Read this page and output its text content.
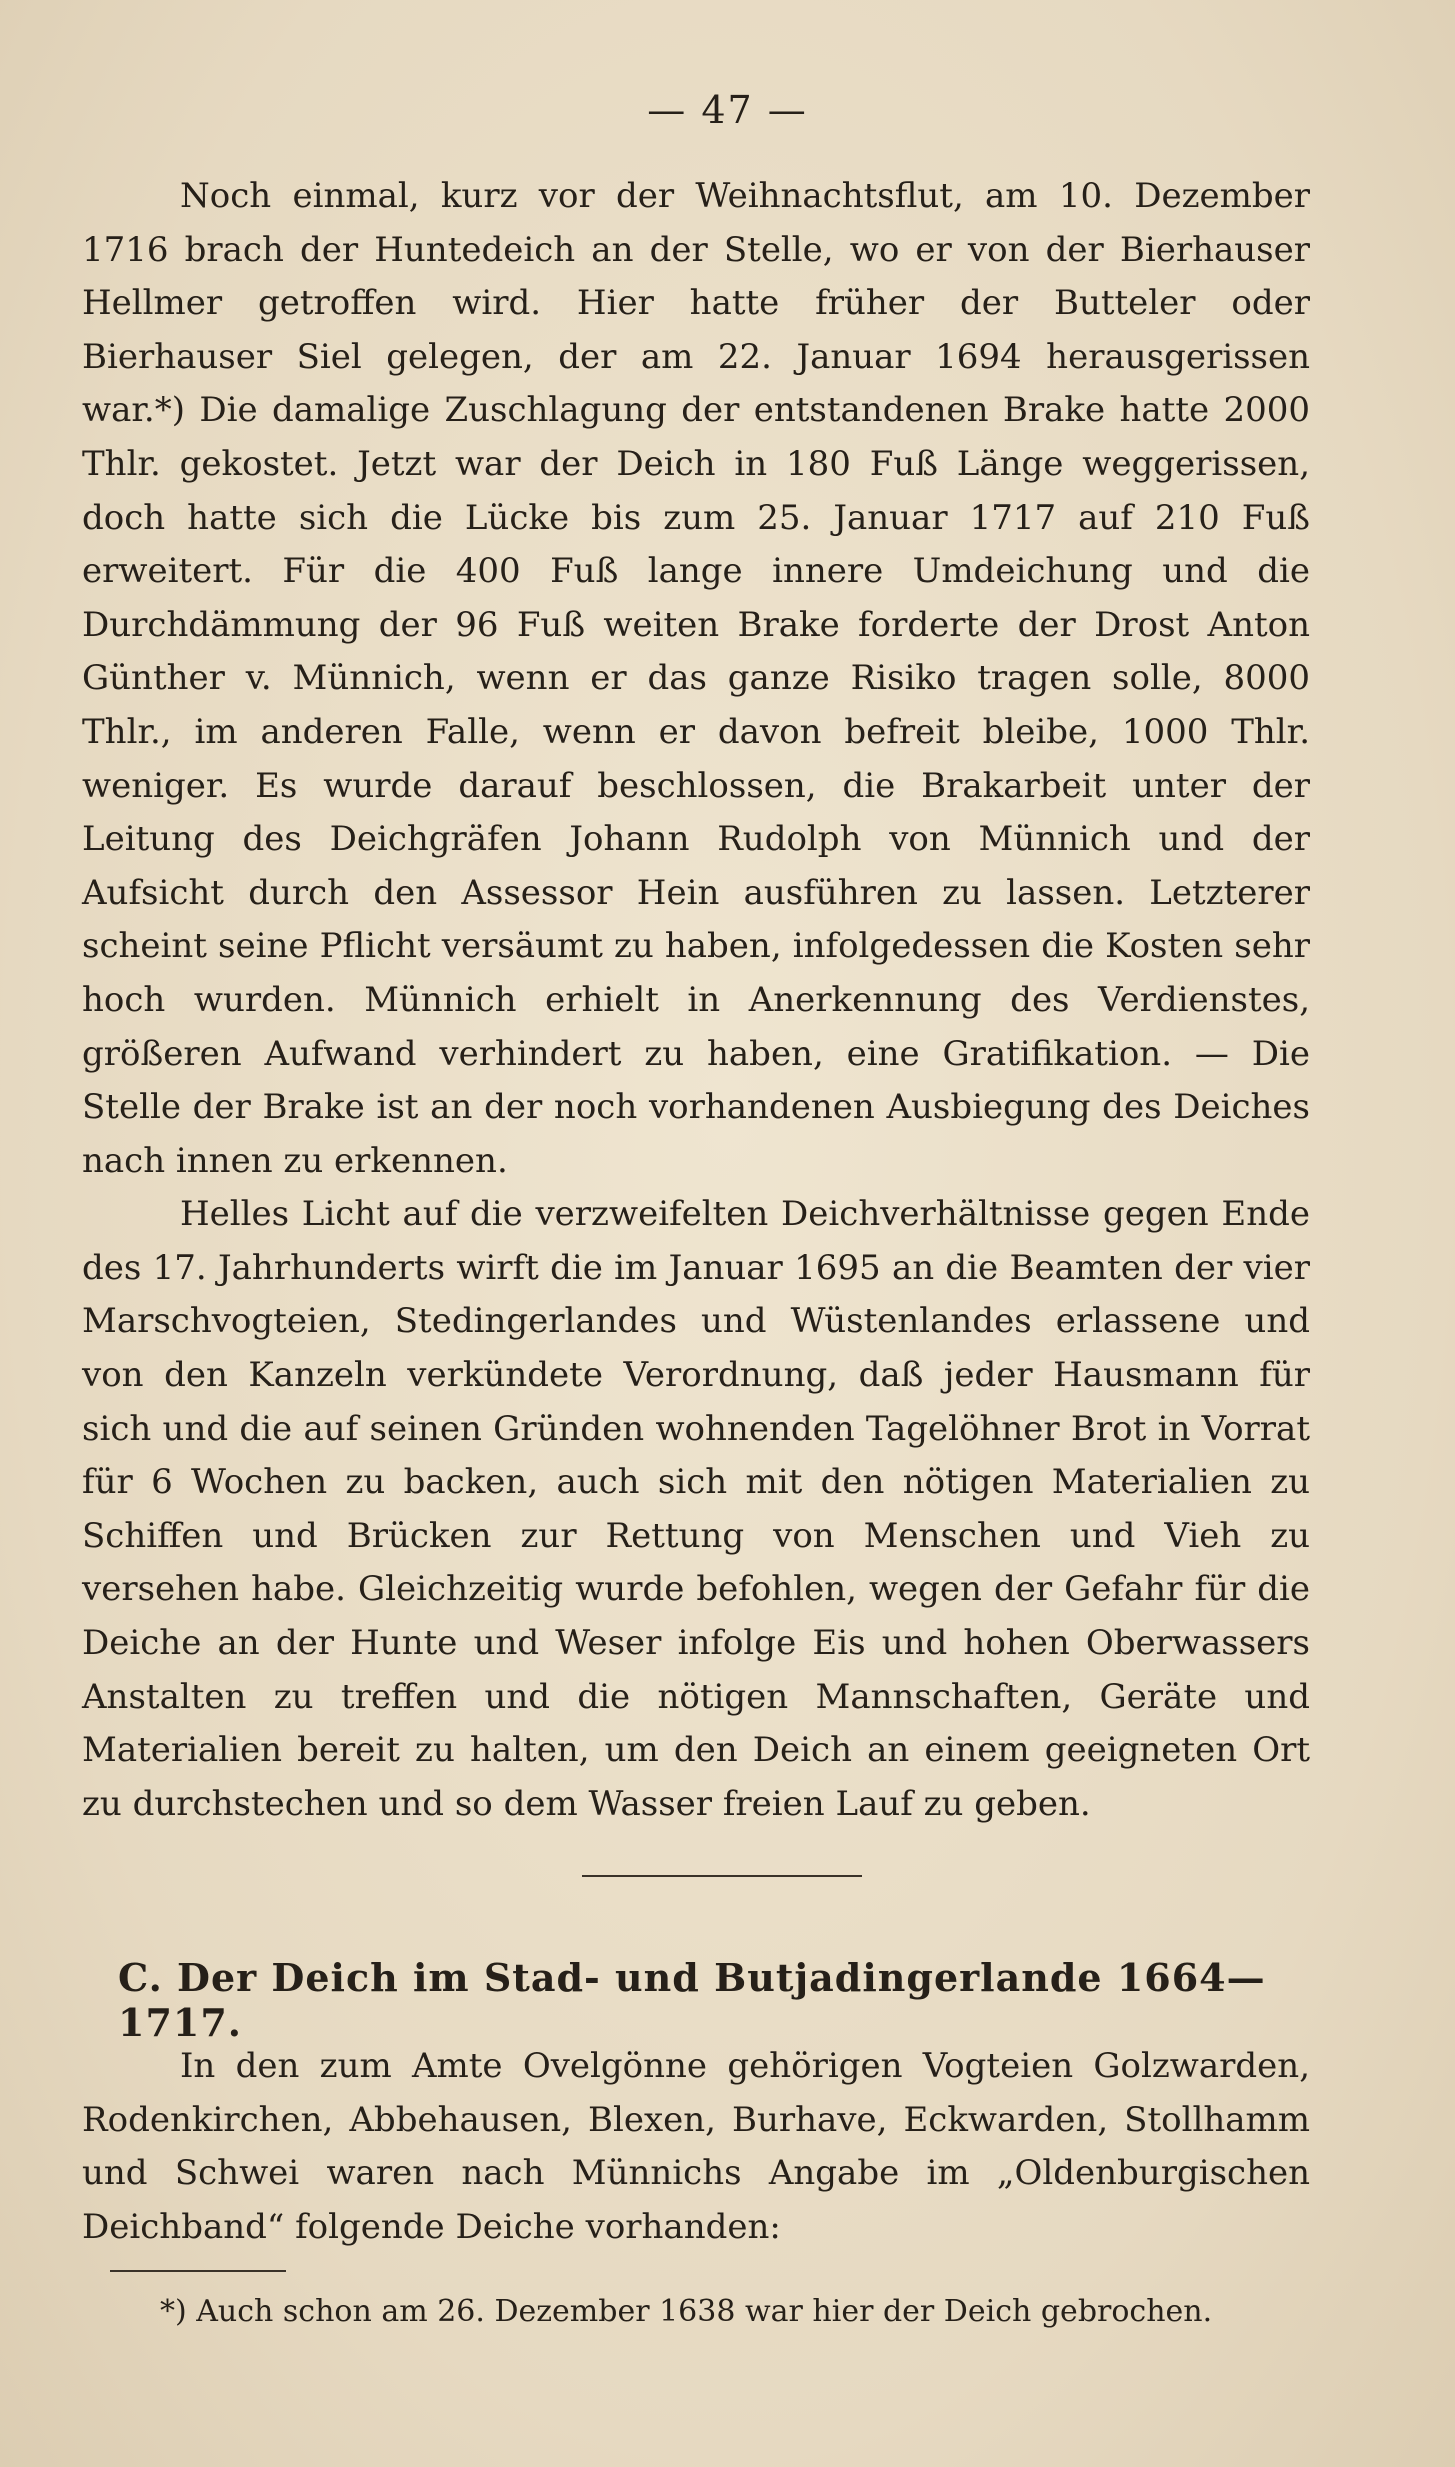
— 47 —

Noch einmal, kurz vor der Weihnachtsflut, am 10. Dezember 1716 brach der Huntedeich an der Stelle, wo er von der Bierhauser Hellmer getroffen wird. Hier hatte früher der Butteler oder Bierhauser Siel gelegen, der am 22. Januar 1694 herausgerissen war.*) Die damalige Zuschlagung der entstandenen Brake hatte 2000 Thlr. gekostet. Jetzt war der Deich in 180 Fuß Länge weggerissen, doch hatte sich die Lücke bis zum 25. Januar 1717 auf 210 Fuß erweitert. Für die 400 Fuß lange innere Umdeichung und die Durchdämmung der 96 Fuß weiten Brake forderte der Drost Anton Günther v. Münnich, wenn er das ganze Risiko tragen solle, 8000 Thlr., im anderen Falle, wenn er davon befreit bleibe, 1000 Thlr. weniger. Es wurde darauf beschlossen, die Brakarbeit unter der Leitung des Deichgräfen Johann Rudolph von Münnich und der Aufsicht durch den Assessor Hein ausführen zu lassen. Letzterer scheint seine Pflicht versäumt zu haben, infolgedessen die Kosten sehr hoch wurden. Münnich erhielt in Anerkennung des Verdienstes, größeren Aufwand verhindert zu haben, eine Gratifikation. — Die Stelle der Brake ist an der noch vorhandenen Ausbiegung des Deiches nach innen zu erkennen.

Helles Licht auf die verzweifelten Deichverhältnisse gegen Ende des 17. Jahrhunderts wirft die im Januar 1695 an die Beamten der vier Marschvogteien, Stedingerlandes und Wüstenlandes erlassene und von den Kanzeln verkündete Verordnung, daß jeder Hausmann für sich und die auf seinen Gründen wohnenden Tagelöhner Brot in Vorrat für 6 Wochen zu backen, auch sich mit den nötigen Materialien zu Schiffen und Brücken zur Rettung von Menschen und Vieh zu versehen habe. Gleichzeitig wurde befohlen, wegen der Gefahr für die Deiche an der Hunte und Weser infolge Eis und hohen Oberwassers Anstalten zu treffen und die nötigen Mannschaften, Geräte und Materialien bereit zu halten, um den Deich an einem geeigneten Ort zu durchstechen und so dem Wasser freien Lauf zu geben.

C. Der Deich im Stad- und Butjadingerlande 1664—1717.

In den zum Amte Ovelgönne gehörigen Vogteien Golzwarden, Rodenkirchen, Abbehausen, Blexen, Burhave, Eckwarden, Stollhamm und Schwei waren nach Münnichs Angabe im „Oldenburgischen Deichband“ folgende Deiche vorhanden:

*) Auch schon am 26. Dezember 1638 war hier der Deich gebrochen.
